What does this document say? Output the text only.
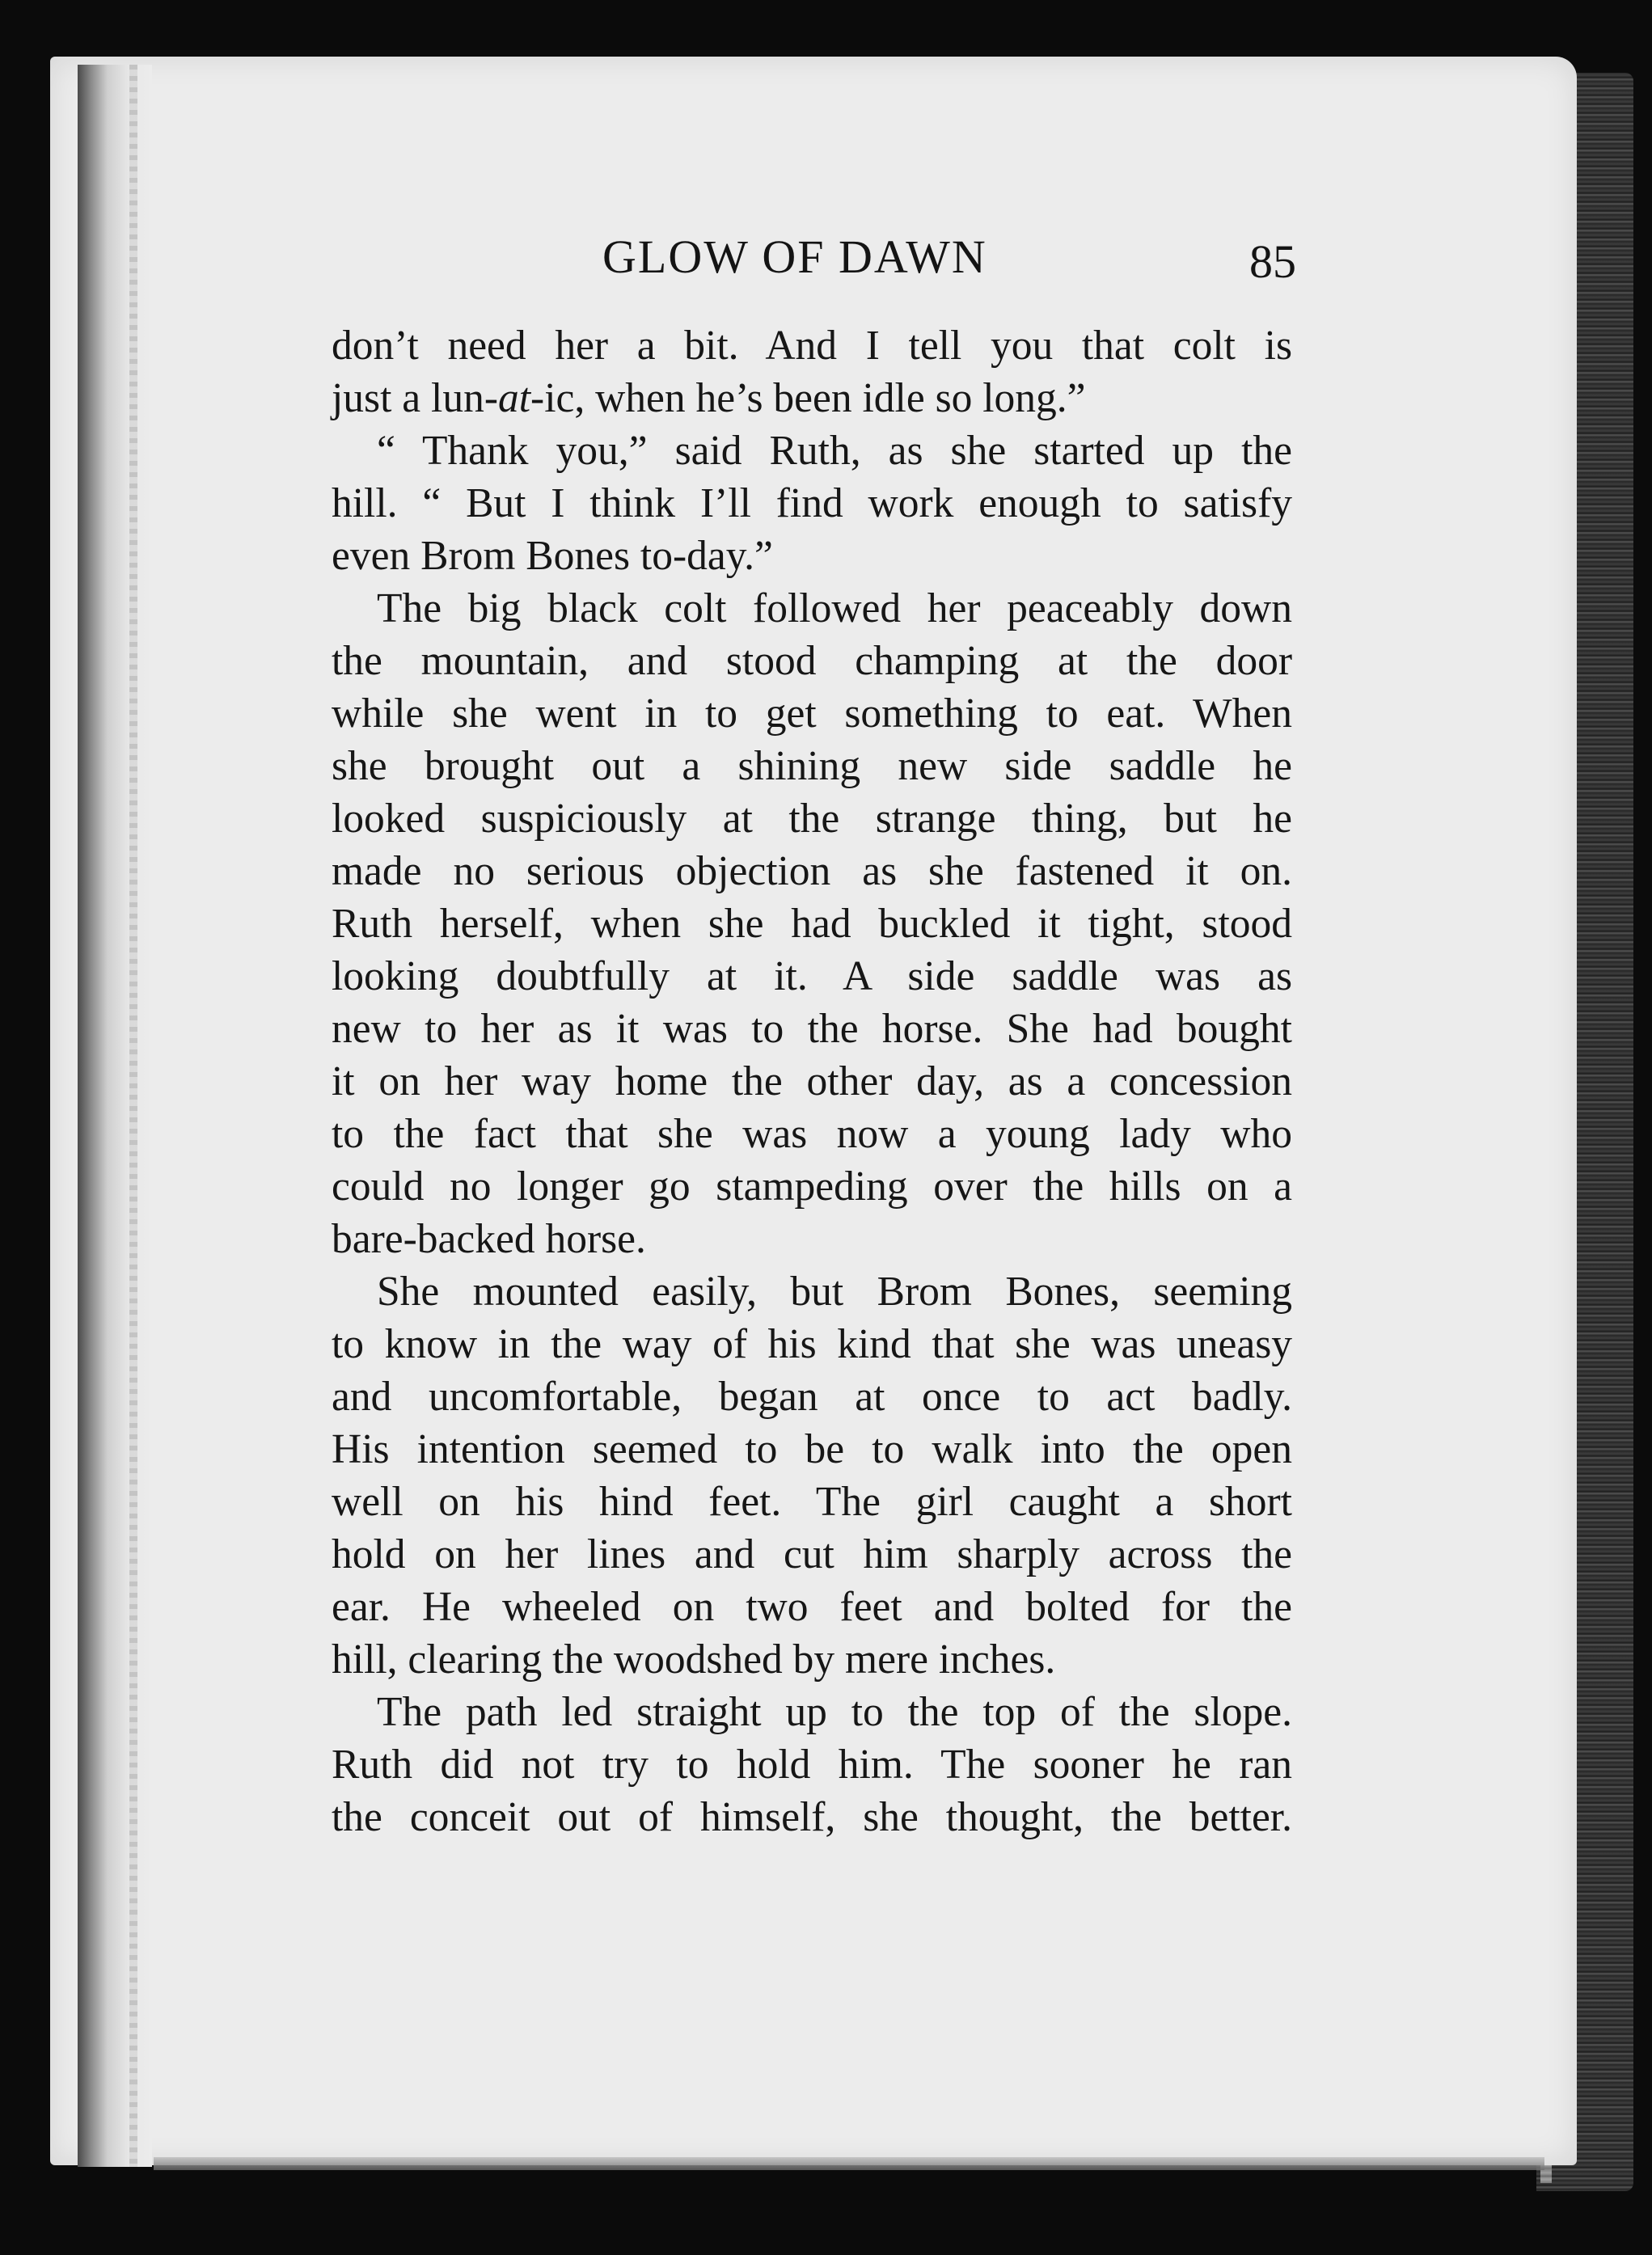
GLOW OF DAWN	85
don’t need her a bit. And I tell you that colt is
just a lun-at-ic, when he’s been idle so long.”
“ Thank you,” said Ruth, as she started up the
hill. “ But I think I’ll find work enough to satisfy
even Brom Bones to-day.”
The big black colt followed her peaceably down
the mountain, and stood champing at the door
while she went in to get something to eat. When
she brought out a shining new side saddle he
looked suspiciously at the strange thing, but he
made no serious objection as she fastened it on.
Ruth herself, when she had buckled it tight, stood
looking doubtfully at it. A side saddle was as
new to her as it was to the horse. She had bought
it on her way home the other day, as a concession
to the fact that she was now a young lady who
could no longer go stampeding over the hills on a
bare-backed horse.
She mounted easily, but Brom Bones, seeming
to know in the way of his kind that she was uneasy
and uncomfortable, began at once to act badly.
His intention seemed to be to walk into the open
well on his hind feet. The girl caught a short
hold on her lines and cut him sharply across the
ear. He wheeled on two feet and bolted for the
hill, clearing the woodshed by mere inches.
The path led straight up to the top of the slope.
Ruth did not try to hold him. The sooner he ran
the conceit out of himself, she thought, the better.
